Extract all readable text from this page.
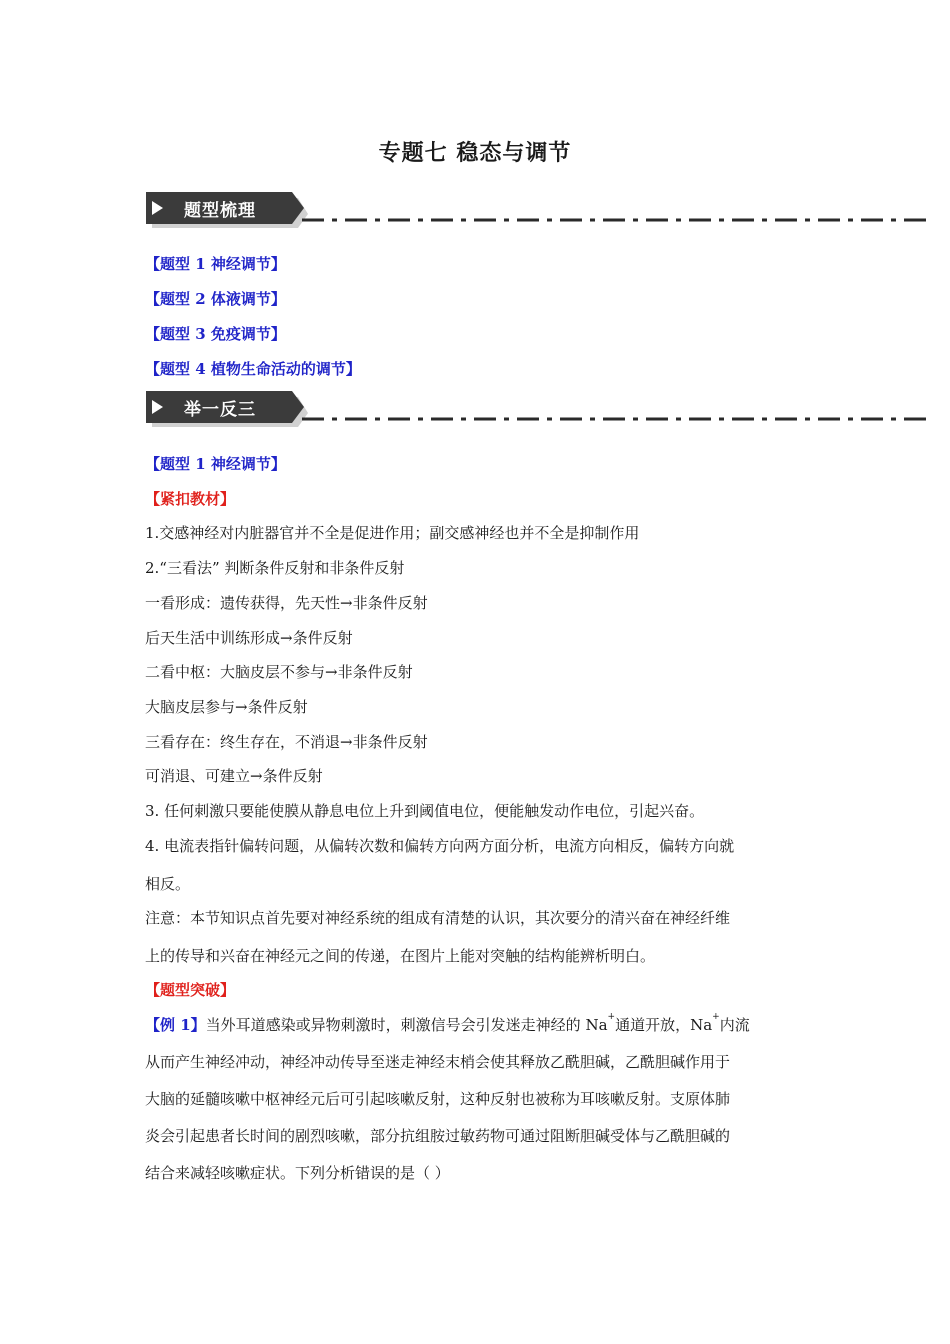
专题七 稳态与调节
题型梳理
【题型 1 神经调节】
【题型 2 体液调节】
【题型 3 免疫调节】
【题型 4 植物生命活动的调节】
举一反三
【题型 1 神经调节】
【紧扣教材】
1.交感神经对内脏器官并不全是促进作用；副交感神经也并不全是抑制作用
2.“三看法” 判断条件反射和非条件反射
一看形成：遗传获得，先天性→非条件反射
后天生活中训练形成→条件反射
二看中枢：大脑皮层不参与→非条件反射
大脑皮层参与→条件反射
三看存在：终生存在，不消退→非条件反射
可消退、可建立→条件反射
3. 任何刺激只要能使膜从静息电位上升到阈值电位，便能触发动作电位，引起兴奋。
4. 电流表指针偏转问题，从偏转次数和偏转方向两方面分析，电流方向相反，偏转方向就
相反。
注意：本节知识点首先要对神经系统的组成有清楚的认识，其次要分的清兴奋在神经纤维
上的传导和兴奋在神经元之间的传递，在图片上能对突触的结构能辨析明白。
【题型突破】
【例 1】当外耳道感染或异物刺激时，刺激信号会引发迷走神经的 Na+通道开放，Na+内流
从而产生神经冲动，神经冲动传导至迷走神经末梢会使其释放乙酰胆碱，乙酰胆碱作用于
大脑的延髓咳嗽中枢神经元后可引起咳嗽反射，这种反射也被称为耳咳嗽反射。支原体肺
炎会引起患者长时间的剧烈咳嗽，部分抗组胺过敏药物可通过阻断胆碱受体与乙酰胆碱的
结合来减轻咳嗽症状。下列分析错误的是（ ）
